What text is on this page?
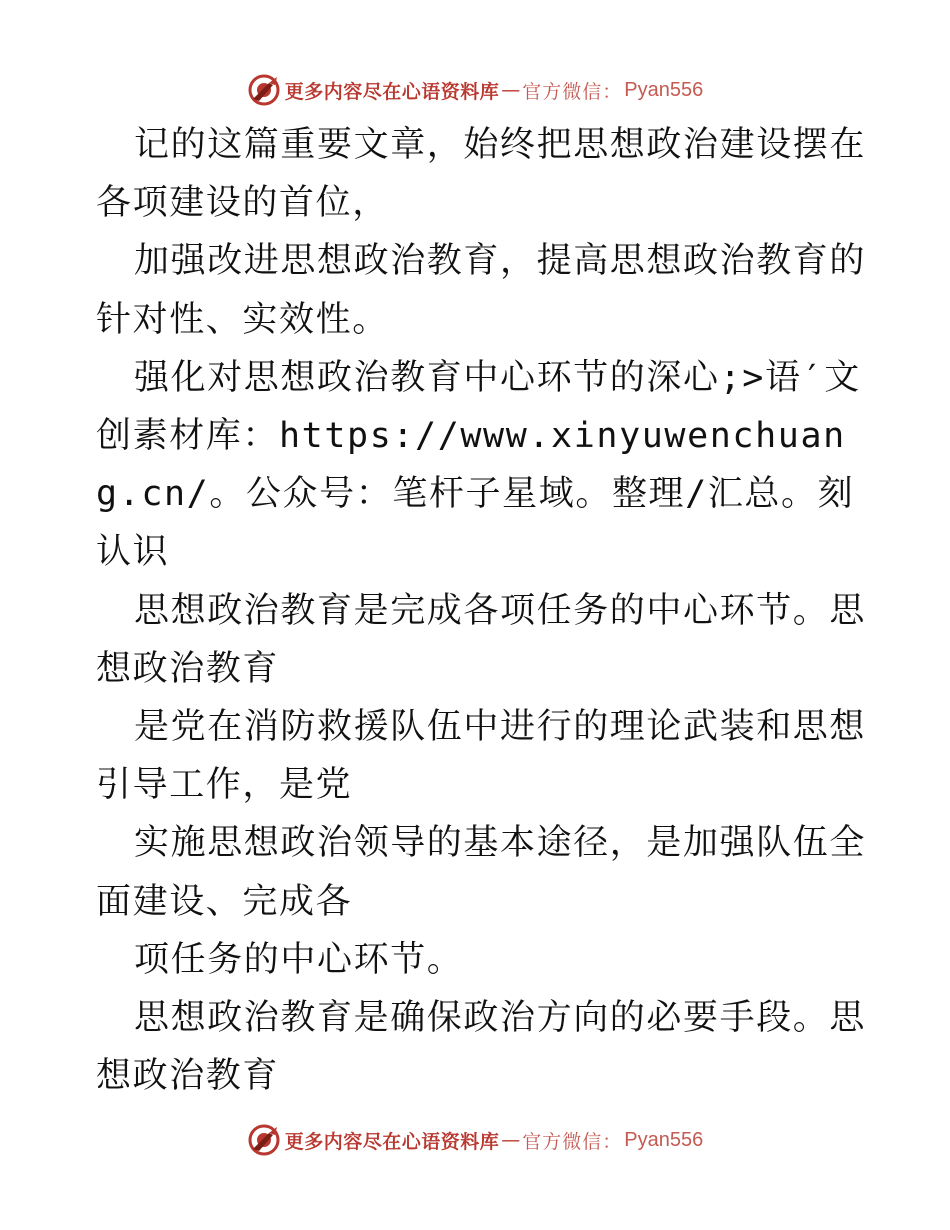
更多内容尽在心语资料库 — 官方微信： Pyan556

记的这篇重要文章，始终把思想政治建设摆在各项建设的首位，

加强改进思想政治教育，提高思想政治教育的针对性、实效性。

强化对思想政治教育中心环节的深心;>语′文创素材库：https://www.xinyuwenchuang.cn/。公众号：笔杆子星域。整理/汇总。刻认识

思想政治教育是完成各项任务的中心环节。思想政治教育

是党在消防救援队伍中进行的理论武装和思想引导工作，是党

实施思想政治领导的基本途径，是加强队伍全面建设、完成各

项任务的中心环节。

思想政治教育是确保政治方向的必要手段。思想政治教育

更多内容尽在心语资料库 — 官方微信： Pyan556
